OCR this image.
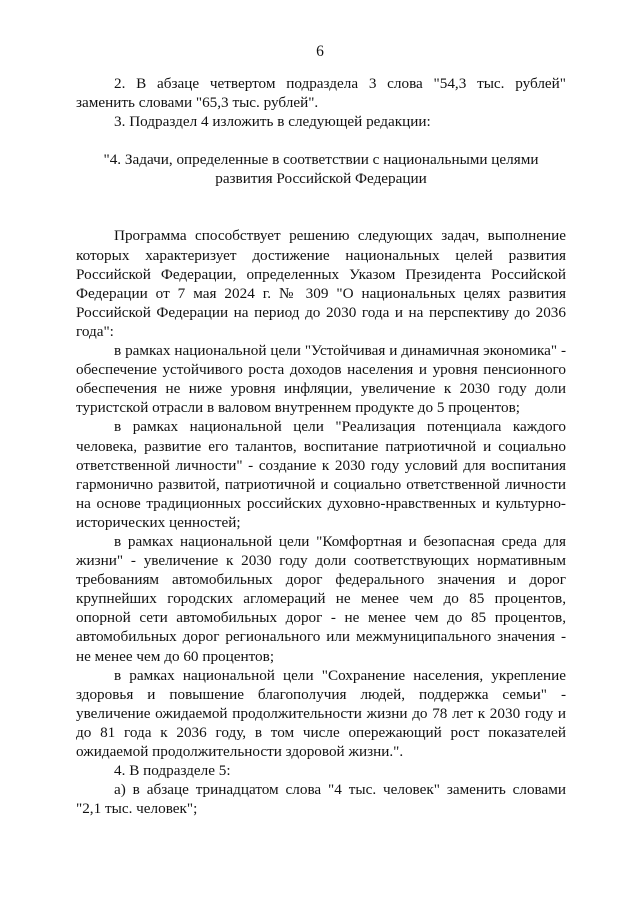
6

2. В абзаце четвертом подраздела 3 слова "54,3 тыс. рублей" заменить словами "65,3 тыс. рублей".

3. Подраздел 4 изложить в следующей редакции:

"4. Задачи, определенные в соответствии с национальными целями развития Российской Федерации

Программа способствует решению следующих задач, выполнение которых характеризует достижение национальных целей развития Российской Федерации, определенных Указом Президента Российской Федерации от 7 мая 2024 г. № 309 "О национальных целях развития Российской Федерации на период до 2030 года и на перспективу до 2036 года":

в рамках национальной цели "Устойчивая и динамичная экономика" - обеспечение устойчивого роста доходов населения и уровня пенсионного обеспечения не ниже уровня инфляции, увеличение к 2030 году доли туристской отрасли в валовом внутреннем продукте до 5 процентов;

в рамках национальной цели "Реализация потенциала каждого человека, развитие его талантов, воспитание патриотичной и социально ответственной личности" - создание к 2030 году условий для воспитания гармонично развитой, патриотичной и социально ответственной личности на основе традиционных российских духовно-нравственных и культурно-исторических ценностей;

в рамках национальной цели "Комфортная и безопасная среда для жизни" - увеличение к 2030 году доли соответствующих нормативным требованиям автомобильных дорог федерального значения и дорог крупнейших городских агломераций не менее чем до 85 процентов, опорной сети автомобильных дорог - не менее чем до 85 процентов, автомобильных дорог регионального или межмуниципального значения - не менее чем до 60 процентов;

в рамках национальной цели "Сохранение населения, укрепление здоровья и повышение благополучия людей, поддержка семьи" - увеличение ожидаемой продолжительности жизни до 78 лет к 2030 году и до 81 года к 2036 году, в том числе опережающий рост показателей ожидаемой продолжительности здоровой жизни.".

4. В подразделе 5:

а) в абзаце тринадцатом слова "4 тыс. человек" заменить словами "2,1 тыс. человек";
